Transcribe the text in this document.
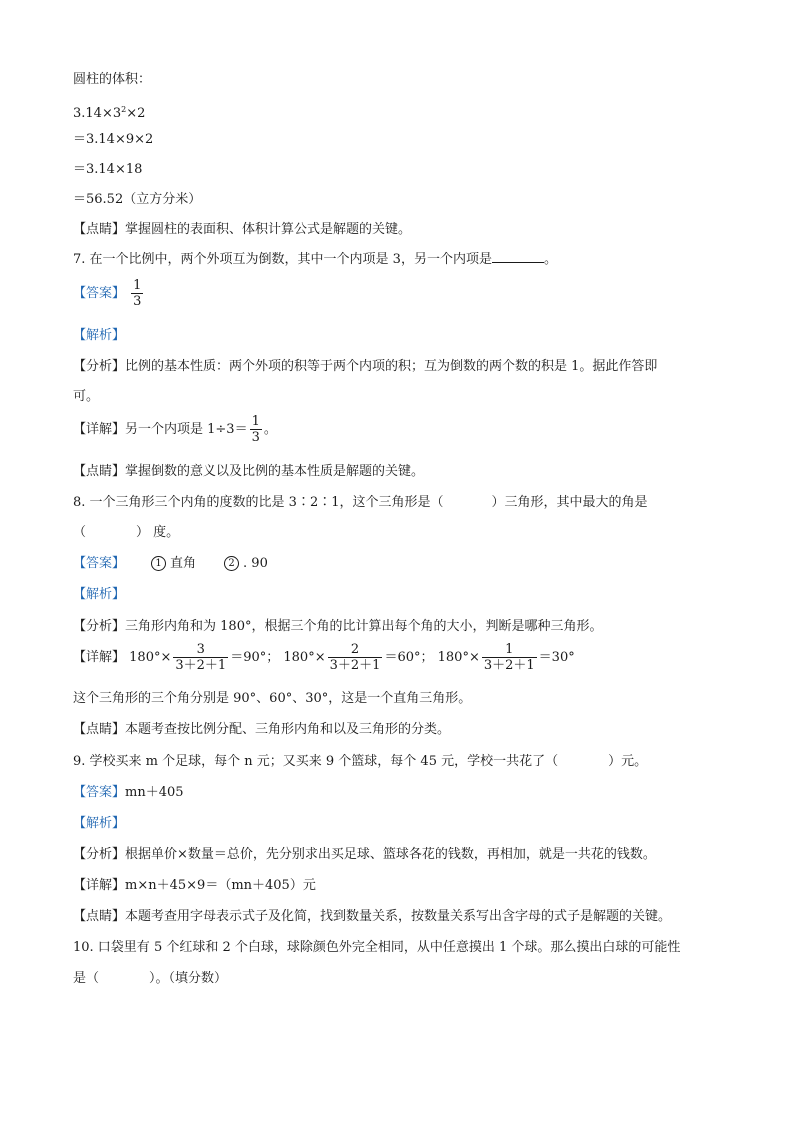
圆柱的体积：
$3.14\times 3^2\times 2$
＝3.14×9×2
＝3.14×18
＝56.52（立方分米）
【点睛】掌握圆柱的表面积、体积计算公式是解题的关键。
7. 在一个比例中，两个外项互为倒数，其中一个内项是 3，另一个内项是	。
【答案】 $\frac{1}{3}$
【解析】
【分析】比例的基本性质：两个外项的积等于两个内项的积；互为倒数的两个数的积是 1。据此作答即
可。
【详解】另一个内项是 $1\div 3= \frac{1}{3}$ 。
【点睛】掌握倒数的意义以及比例的基本性质是解题的关键。
8. 一个三角形三个内角的度数的比是 3∶2∶1，这个三角形是（	）三角形，其中最大的角是
（	） 度。
【答案】	1 直角	2 . 90
【解析】
【分析】三角形内角和为 180°，根据三个角的比计算出每个角的大小，判断是哪种三角形。
【详解】 $180^\circ\times \frac{3}{3+2+1} =90^\circ$； $180^\circ\times \frac{2}{3+2+1} =60^\circ$； $180^\circ\times \frac{1}{3+2+1} =30^\circ$
这个三角形的三个角分别是 90°、60°、30°，这是一个直角三角形。
【点睛】本题考查按比例分配、三角形内角和以及三角形的分类。
9. 学校买来 m 个足球，每个 n 元；又买来 9 个篮球，每个 45 元，学校一共花了（	）元。
【答案】mn＋405
【解析】
【分析】根据单价×数量＝总价，先分别求出买足球、篮球各花的钱数，再相加，就是一共花的钱数。
【详解】m×n＋45×9＝（mn＋405）元
【点睛】本题考查用字母表示式子及化简，找到数量关系，按数量关系写出含字母的式子是解题的关键。
10. 口袋里有 5 个红球和 2 个白球，球除颜色外完全相同，从中任意摸出 1 个球。那么摸出白球的可能性
是（	）。（填分数）
